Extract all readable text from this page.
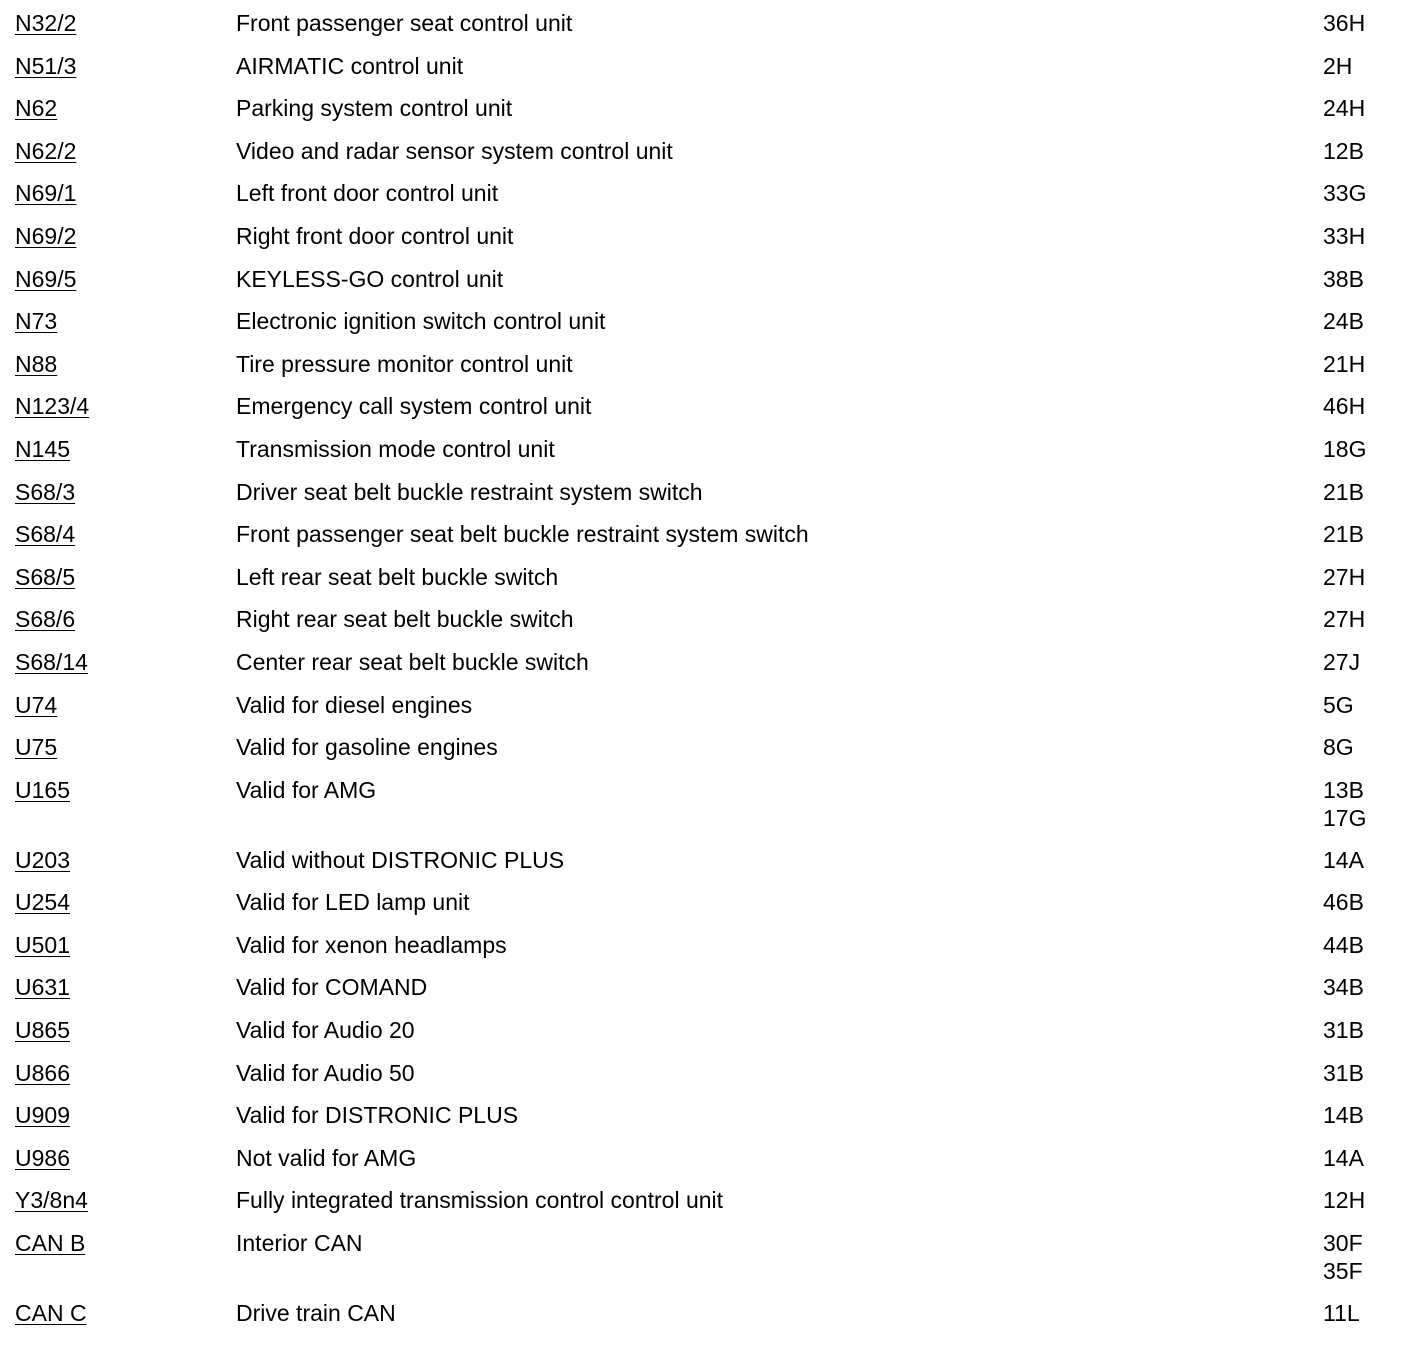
N32/2	Front passenger seat control unit	36H
N51/3	AIRMATIC control unit	2H
N62	Parking system control unit	24H
N62/2	Video and radar sensor system control unit	12B
N69/1	Left front door control unit	33G
N69/2	Right front door control unit	33H
N69/5	KEYLESS-GO control unit	38B
N73	Electronic ignition switch control unit	24B
N88	Tire pressure monitor control unit	21H
N123/4	Emergency call system control unit	46H
N145	Transmission mode control unit	18G
S68/3	Driver seat belt buckle restraint system switch	21B
S68/4	Front passenger seat belt buckle restraint system switch	21B
S68/5	Left rear seat belt buckle switch	27H
S68/6	Right rear seat belt buckle switch	27H
S68/14	Center rear seat belt buckle switch	27J
U74	Valid for diesel engines	5G
U75	Valid for gasoline engines	8G
U165	Valid for AMG	13B
17G
U203	Valid without DISTRONIC PLUS	14A
U254	Valid for LED lamp unit	46B
U501	Valid for xenon headlamps	44B
U631	Valid for COMAND	34B
U865	Valid for Audio 20	31B
U866	Valid for Audio 50	31B
U909	Valid for DISTRONIC PLUS	14B
U986	Not valid for AMG	14A
Y3/8n4	Fully integrated transmission control control unit	12H
CAN B	Interior CAN	30F
35F
CAN C	Drive train CAN	11L
